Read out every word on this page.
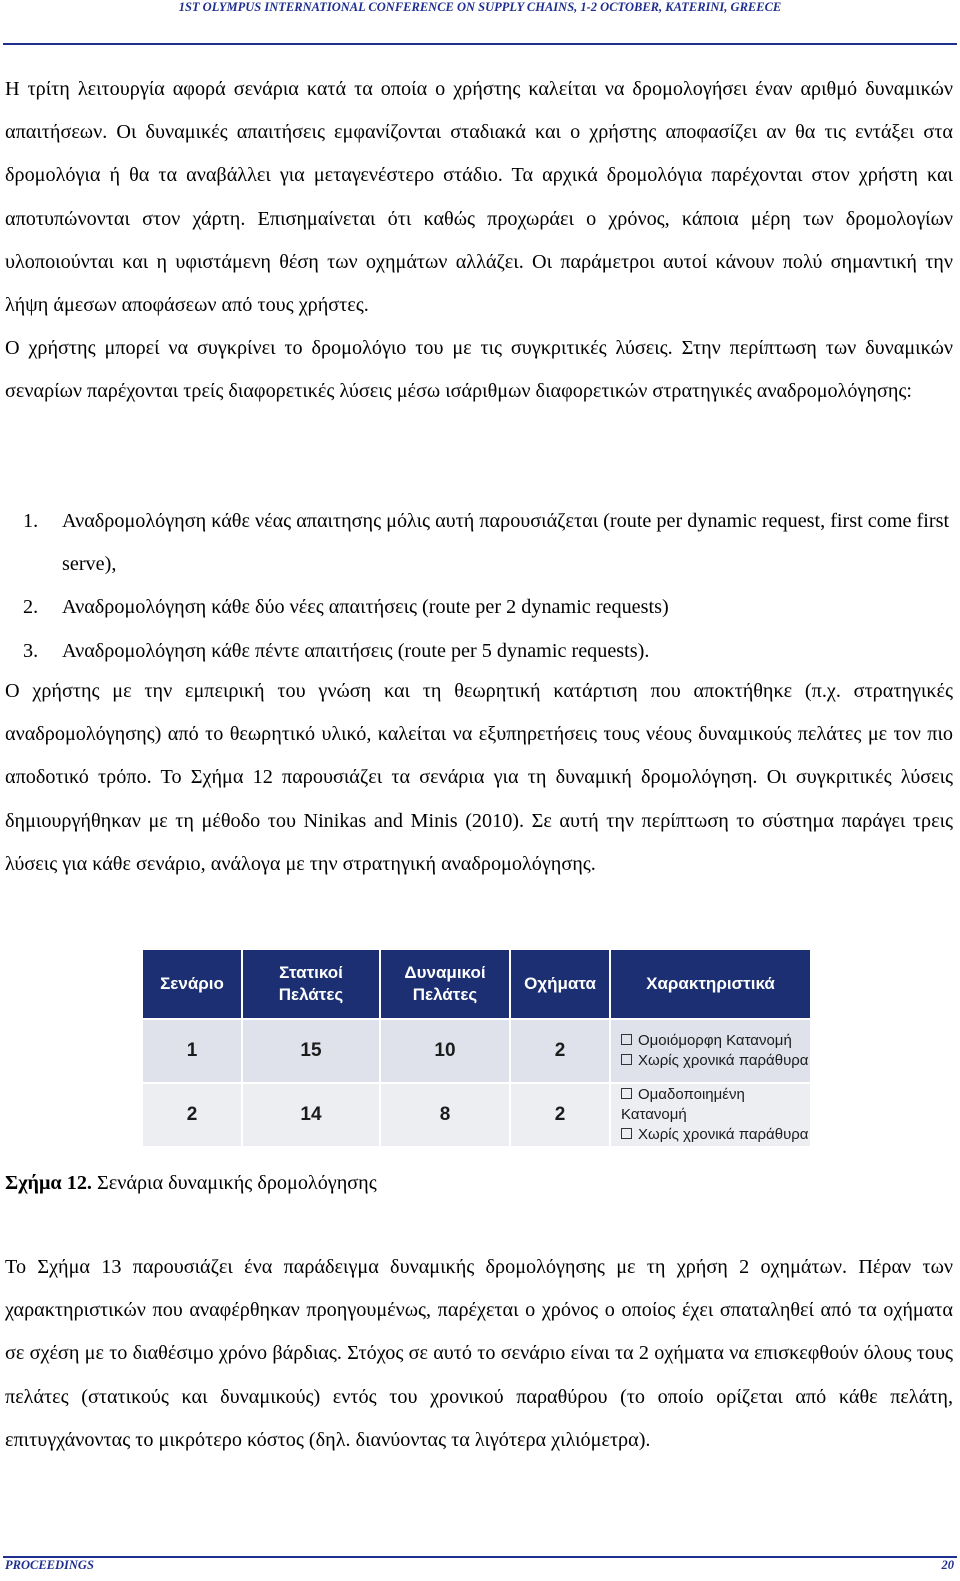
1ST OLYMPUS INTERNATIONAL CONFERENCE ON SUPPLY CHAINS, 1-2 OCTOBER, KATERINI, GREECE

Η τρίτη λειτουργία αφορά σενάρια κατά τα οποία ο χρήστης καλείται να δρομολογήσει έναν αριθμό δυναμικών απαιτήσεων. Οι δυναμικές απαιτήσεις εμφανίζονται σταδιακά και ο χρήστης αποφασίζει αν θα τις εντάξει στα δρομολόγια ή θα τα αναβάλλει για μεταγενέστερο στάδιο. Τα αρχικά δρομολόγια παρέχονται στον χρήστη και αποτυπώνονται στον χάρτη. Επισημαίνεται ότι καθώς προχωράει ο χρόνος, κάποια μέρη των δρομολογίων υλοποιούνται και η υφιστάμενη θέση των οχημάτων αλλάζει. Οι παράμετροι αυτοί κάνουν πολύ σημαντική την λήψη άμεσων αποφάσεων από τους χρήστες.

Ο χρήστης μπορεί να συγκρίνει το δρομολόγιο του με τις συγκριτικές λύσεις. Στην περίπτωση των δυναμικών σεναρίων παρέχονται τρείς διαφορετικές λύσεις μέσω ισάριθμων διαφορετικών στρατηγικές αναδρομολόγησης:

1. Αναδρομολόγηση κάθε νέας απαιτησης μόλις αυτή παρουσιάζεται (route per dynamic request, first come first serve),
2. Αναδρομολόγηση κάθε δύο νέες απαιτήσεις (route per 2 dynamic requests)
3. Αναδρομολόγηση κάθε πέντε απαιτήσεις (route per 5 dynamic requests).

Ο χρήστης με την εμπειρική του γνώση και τη θεωρητική κατάρτιση που αποκτήθηκε (π.χ. στρατηγικές αναδρομολόγησης) από το θεωρητικό υλικό, καλείται να εξυπηρετήσεις τους νέους δυναμικούς πελάτες με τον πιο αποδοτικό τρόπο. Το Σχήμα 12 παρουσιάζει τα σενάρια για τη δυναμική δρομολόγηση. Οι συγκριτικές λύσεις δημιουργήθηκαν με τη μέθοδο του Ninikas and Minis (2010). Σε αυτή την περίπτωση το σύστημα παράγει τρεις λύσεις για κάθε σενάριο, ανάλογα με την στρατηγική αναδρομολόγησης.

Σενάριο	Στατικοί Πελάτες	Δυναμικοί Πελάτες	Οχήματα	Χαρακτηριστικά
1	15	10	2	Ομοιόμορφη Κατανομή
Χωρίς χρονικά παράθυρα

2	14	8	2	Ομαδοποιημένη Κατανομή
Χωρίς χρονικά παράθυρα
Σχήμα 12. Σενάρια δυναμικής δρομολόγησης

Το Σχήμα 13 παρουσιάζει ένα παράδειγμα δυναμικής δρομολόγησης με τη χρήση 2 οχημάτων. Πέραν των χαρακτηριστικών που αναφέρθηκαν προηγουμένως, παρέχεται ο χρόνος ο οποίος έχει σπαταληθεί από τα οχήματα σε σχέση με το διαθέσιμο χρόνο βάρδιας. Στόχος σε αυτό το σενάριο είναι τα 2 οχήματα να επισκεφθούν όλους τους πελάτες (στατικούς και δυναμικούς) εντός του χρονικού παραθύρου (το οποίο ορίζεται από κάθε πελάτη, επιτυγχάνοντας το μικρότερο κόστος (δηλ. διανύοντας τα λιγότερα χιλιόμετρα).

PROCEEDINGS	20
